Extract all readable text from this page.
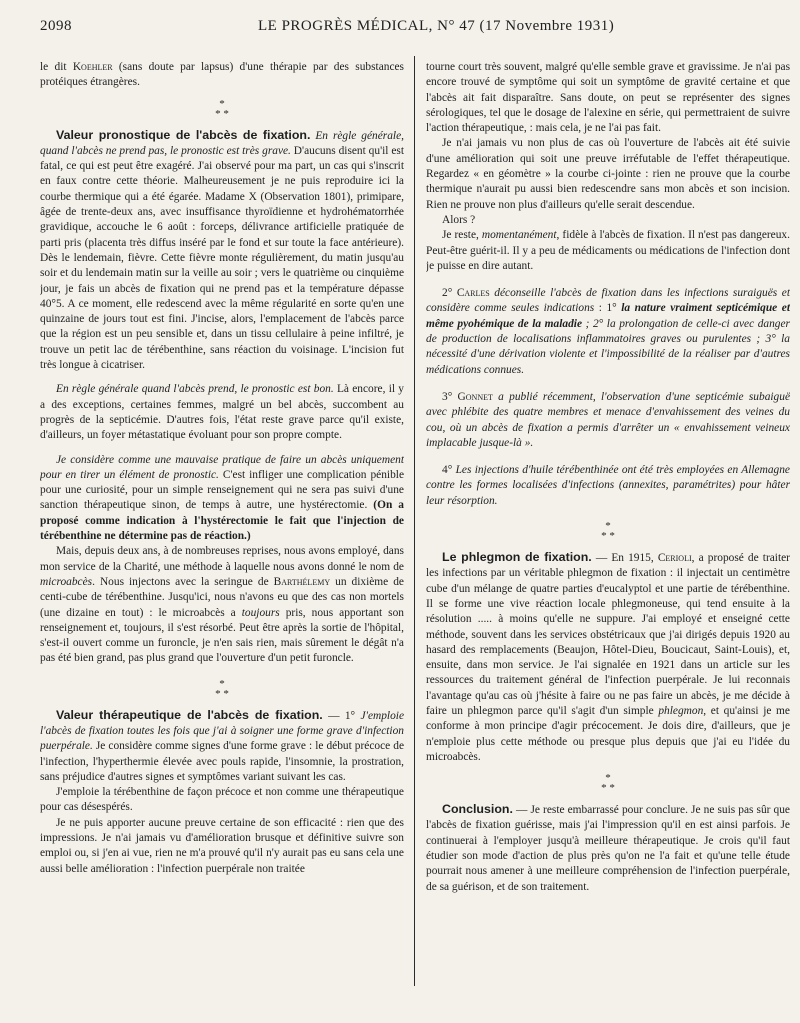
2098	LE PROGRÈS MÉDICAL, N° 47 (17 Novembre 1931)

le dit Koehler (sans doute par lapsus) d'une thérapie par des substances protéiques étrangères.

*
* *

Valeur pronostique de l'abcès de fixation. En règle générale, quand l'abcès ne prend pas, le pronostic est très grave. D'aucuns disent qu'il est fatal, ce qui est peut être exagéré. J'ai observé pour ma part, un cas qui s'inscrit en faux contre cette théorie. Malheureusement je ne puis reproduire ici la courbe thermique qui a été égarée. Madame X (Observation 1801), primipare, âgée de trente-deux ans, avec insuffisance thyroïdienne et hydrohématorrhée gravidique, accouche le 6 août : forceps, délivrance artificielle pratiquée de parti pris (placenta très diffus inséré par le fond et sur toute la face antérieure). Dès le lendemain, fièvre. Cette fièvre monte régulièrement, du matin jusqu'au soir et du lendemain matin sur la veille au soir ; vers le quatrième ou cinquième jour, je fais un abcès de fixation qui ne prend pas et la température dépasse 40°5. A ce moment, elle redescend avec la même régularité en sorte qu'en une quinzaine de jours tout est fini. J'incise, alors, l'emplacement de l'abcès parce que la région est un peu sensible et, dans un tissu cellulaire à peine infiltré, je trouve un petit lac de térébenthine, sans réaction du voisinage. L'incision fut très longue à cicatriser.

En règle générale quand l'abcès prend, le pronostic est bon. Là encore, il y a des exceptions, certaines femmes, malgré un bel abcès, succombent au progrès de la septicémie. D'autres fois, l'état reste grave parce qu'il existe, d'ailleurs, un foyer métastatique évoluant pour son propre compte.

Je considère comme une mauvaise pratique de faire un abcès uniquement pour en tirer un élément de pronostic. C'est infliger une complication pénible pour une curiosité, pour un simple renseignement qui ne sera pas suivi d'une sanction thérapeutique sinon, de temps à autre, une hystérectomie. (On a proposé comme indication à l'hystérectomie le fait que l'injection de térébenthine ne détermine pas de réaction.)

Mais, depuis deux ans, à de nombreuses reprises, nous avons employé, dans mon service de la Charité, une méthode à laquelle nous avons donné le nom de microabcès. Nous injectons avec la seringue de Barthélemy un dixième de centi-cube de térébenthine. Jusqu'ici, nous n'avons eu que des cas non mortels (une dizaine en tout) : le microabcès a toujours pris, nous apportant son renseignement et, toujours, il s'est résorbé. Peut être après la sortie de l'hôpital, s'est-il ouvert comme un furoncle, je n'en sais rien, mais sûrement le dégât n'a pas été bien grand, pas plus grand que l'ouverture d'un petit furoncle.

*
* *

Valeur thérapeutique de l'abcès de fixation. — 1° J'emploie l'abcès de fixation toutes les fois que j'ai à soigner une forme grave d'infection puerpérale. Je considère comme signes d'une forme grave : le début précoce de l'infection, l'hyperthermie élevée avec pouls rapide, l'insomnie, la prostration, sans préjudice d'autres signes et symptômes variant suivant les cas.

J'emploie la térébenthine de façon précoce et non comme une thérapeutique pour cas désespérés.

Je ne puis apporter aucune preuve certaine de son efficacité : rien que des impressions. Je n'ai jamais vu d'amélioration brusque et définitive suivre son emploi ou, si j'en ai vue, rien ne m'a prouvé qu'il n'y aurait pas eu sans cela une aussi belle amélioration : l'infection puerpérale non traitée

tourne court très souvent, malgré qu'elle semble grave et gravissime. Je n'ai pas encore trouvé de symptôme qui soit un symptôme de gravité certaine et que l'abcès ait fait disparaître. Sans doute, on peut se représenter des signes sérologiques, tel que le dosage de l'alexine en série, qui permettraient de suivre l'action thérapeutique, : mais cela, je ne l'ai pas fait.

Je n'ai jamais vu non plus de cas où l'ouverture de l'abcès ait été suivie d'une amélioration qui soit une preuve irréfutable de l'effet thérapeutique. Regardez « en géomètre » la courbe ci-jointe : rien ne prouve que la courbe thermique n'aurait pu aussi bien redescendre sans mon abcès et son incision. Rien ne prouve non plus d'ailleurs qu'elle serait descendue.

Alors ?

Je reste, momentanément, fidèle à l'abcès de fixation. Il n'est pas dangereux. Peut-être guérit-il. Il y a peu de médicaments ou médications de l'infection dont je puisse en dire autant.

2° Carles déconseille l'abcès de fixation dans les infections suraiguës et considère comme seules indications : 1° la nature vraiment septicémique et même pyohémique de la maladie ; 2° la prolongation de celle-ci avec danger de production de localisations inflammatoires graves ou purulentes ; 3° la nécessité d'une dérivation violente et l'impossibilité de la réaliser par d'autres médications connues.

3° Gonnet a publié récemment, l'observation d'une septicémie subaiguë avec phlébite des quatre membres et menace d'envahissement des veines du cou, où un abcès de fixation a permis d'arrêter un « envahissement veineux implacable jusque-là ».

4° Les injections d'huile térébenthinée ont été très employées en Allemagne contre les formes localisées d'infections (annexites, paramétrites) pour hâter leur résorption.

*
* *

Le phlegmon de fixation. — En 1915, Cerioli, a proposé de traiter les infections par un véritable phlegmon de fixation : il injectait un centimètre cube d'un mélange de quatre parties d'eucalyptol et une partie de térébenthine. Il se forme une vive réaction locale phlegmoneuse, qui tend ensuite à la résolution ..... à moins qu'elle ne suppure. J'ai employé et enseigné cette méthode, souvent dans les services obstétricaux que j'ai dirigés depuis 1920 au hasard des remplacements (Beaujon, Hôtel-Dieu, Boucicaut, Saint-Louis), et, ensuite, dans mon service. Je l'ai signalée en 1921 dans un article sur les ressources du traitement général de l'infection puerpérale. Je lui reconnais l'avantage qu'au cas où j'hésite à faire ou ne pas faire un abcès, je me décide à faire un phlegmon parce qu'il s'agit d'un simple phlegmon, et qu'ainsi je me conforme à mon principe d'agir précocement. Je dois dire, d'ailleurs, que je n'emploie plus cette méthode ou presque plus depuis que j'ai eu l'idée du microabcès.

*
* *

Conclusion. — Je reste embarrassé pour conclure. Je ne suis pas sûr que l'abcès de fixation guérisse, mais j'ai l'impression qu'il en est ainsi parfois. Je continuerai à l'employer jusqu'à meilleure thérapeutique. Je crois qu'il faut étudier son mode d'action de plus près qu'on ne l'a fait et qu'une telle étude pourrait nous amener à une meilleure compréhension de l'infection puerpérale, de sa guérison, et de son traitement.
